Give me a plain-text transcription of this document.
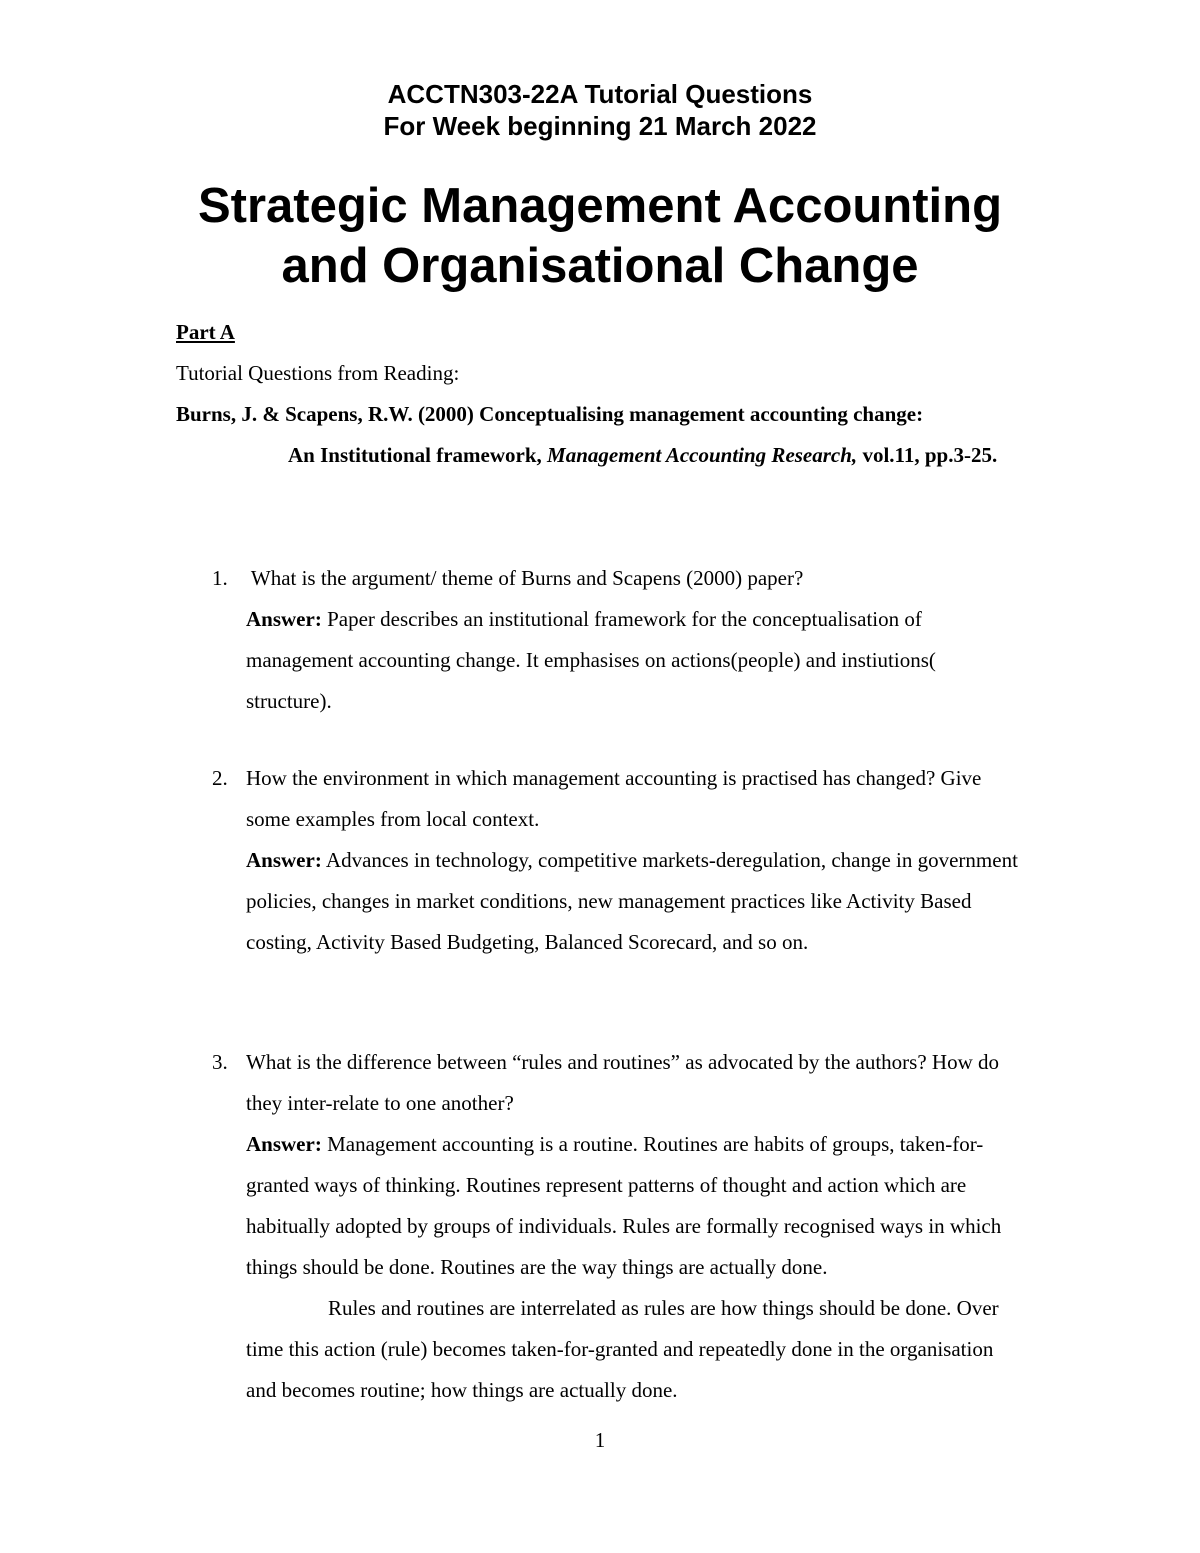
ACCTN303-22A Tutorial Questions
For Week beginning 21 March 2022
Strategic Management Accounting
and Organisational Change
Part A
Tutorial Questions from Reading:
Burns, J. & Scapens, R.W. (2000) Conceptualising management accounting change:
An Institutional framework, Management Accounting Research, vol.11, pp.3-25.
1. What is the argument/ theme of Burns and Scapens (2000) paper?

Answer: Paper describes an institutional framework for the conceptualisation of management accounting change. It emphasises on actions(people) and instiutions( structure).

2. How the environment in which management accounting is practised has changed? Give some examples from local context.

Answer: Advances in technology, competitive markets-deregulation, change in government policies, changes in market conditions, new management practices like Activity Based costing, Activity Based Budgeting, Balanced Scorecard, and so on.

3. What is the difference between “rules and routines” as advocated by the authors? How do they inter-relate to one another?

Answer: Management accounting is a routine. Routines are habits of groups, taken-for-granted ways of thinking. Routines represent patterns of thought and action which are habitually adopted by groups of individuals. Rules are formally recognised ways in which things should be done. Routines are the way things are actually done.

Rules and routines are interrelated as rules are how things should be done. Over time this action (rule) becomes taken-for-granted and repeatedly done in the organisation and becomes routine; how things are actually done.

1
